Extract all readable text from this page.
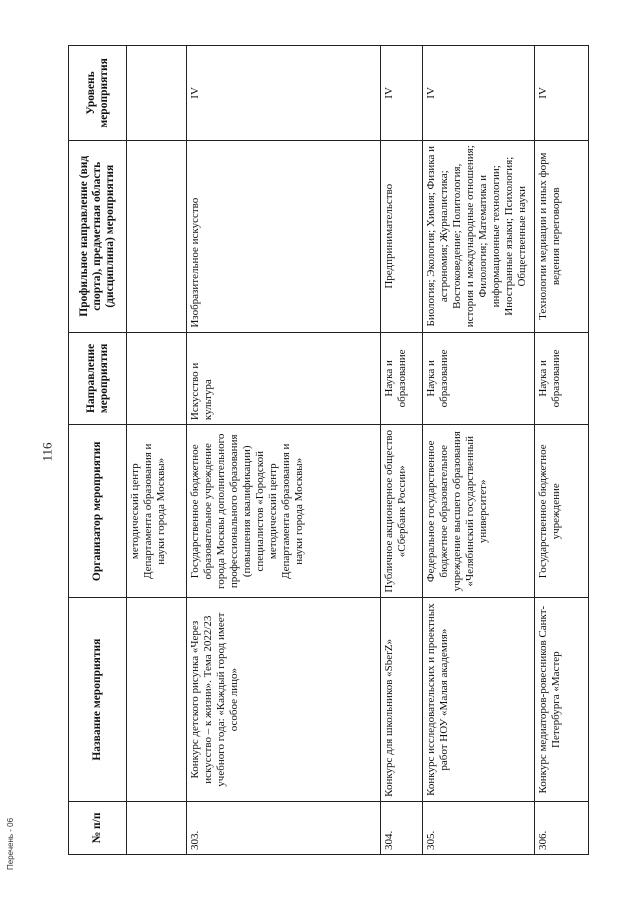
116
№ п/п	Название мероприятия	Организатор мероприятия	Направление мероприятия	Профильное направление (вид спорта), предметная область (дисциплина) мероприятия	Уровень мероприятия
		методический центр Департамента образования и науки города Москвы»			
303.	Конкурс детского рисунка «Через искусство – к жизни». Тема 2022/23 учебного года: «Каждый город имеет особое лицо»	Государственное бюджетное образовательное учреждение города Москвы дополнительного профессионального образования (повышения квалификации) специалистов «Городской методический центр Департамента образования и науки города Москвы»	Искусство и культура	Изобразительное искусство	IV
304.	Конкурс для школьников «SberZ»	Публичное акционерное общество «Сбербанк России»	Наука и образование	Предпринимательство	IV
305.	Конкурс исследовательских и проектных работ НОУ «Малая академия»	Федеральное государственное бюджетное образовательное учреждение высшего образования «Челябинский государственный университет»	Наука и образование	Биология; Экология; Химия; Физика и астрономия; Журналистика; Востоковедение; Политология, история и международные отношения; Филология; Математика и информационные технологии; Иностранные языки; Психология; Общественные науки	IV
306.	Конкурс медиаторов-ровесников Санкт-Петербурга «Мастер	Государственное бюджетное учреждение	Наука и образование	Технологии медиации и иных форм ведения переговоров	IV
Перечень - 06
